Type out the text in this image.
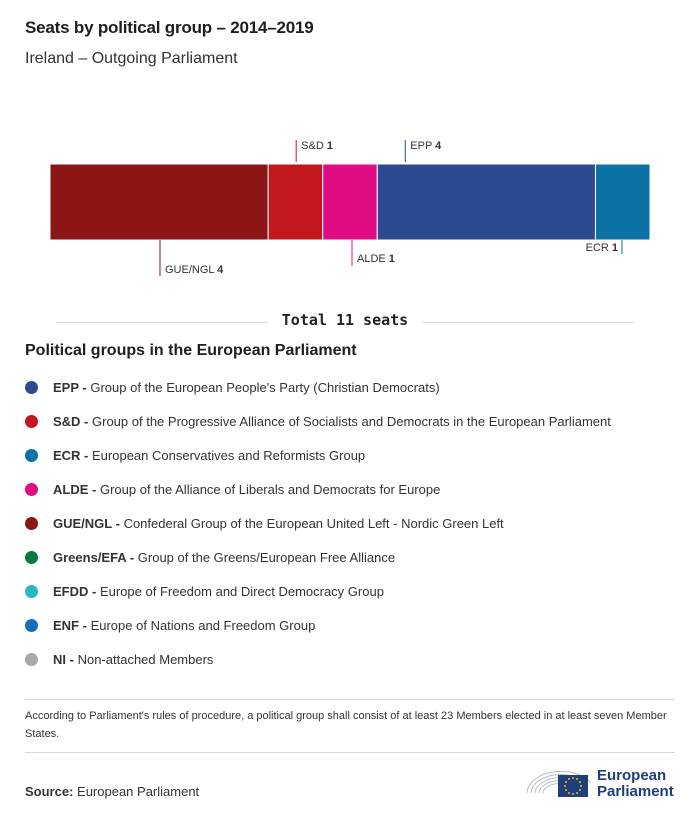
Seats by political group – 2014–2019
Ireland – Outgoing Parliament
GUE/NGL 4
S&D 1
ALDE 1
EPP 4
ECR 1
Total 11 seats
Political groups in the European Parliament
EPP - Group of the European People's Party (Christian Democrats)
S&D - Group of the Progressive Alliance of Socialists and Democrats in the European Parliament
ECR - European Conservatives and Reformists Group
ALDE - Group of the Alliance of Liberals and Democrats for Europe
GUE/NGL - Confederal Group of the European United Left - Nordic Green Left
Greens/EFA - Group of the Greens/European Free Alliance
EFDD - Europe of Freedom and Direct Democracy Group
ENF - Europe of Nations and Freedom Group
NI - Non-attached Members
According to Parliament's rules of procedure, a political group shall consist of at least 23 Members elected in at least seven Member States.
Source: European Parliament
European
Parliament
